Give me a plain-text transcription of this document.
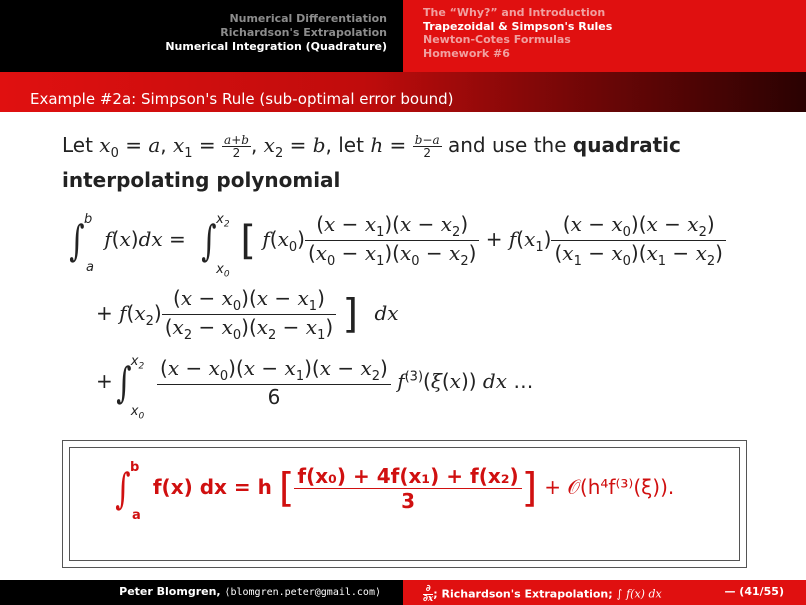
Numerical Differentiation
Richardson's Extrapolation
Numerical Integration (Quadrature)
The “Why?” and Introduction
Trapezoidal & Simpson's Rules
Newton-Cotes Formulas
Homework #6
Example #2a: Simpson's Rule (sub-optimal error bound)
Let $x_0 = a$, $x_1 = \frac{a+b}{2}$ , $x_2 = b$, let $h = \frac{b-a}{2}$ and use the quadratic
interpolating polynomial
∫ b
a
f(x)dx = ∫ $x_2$
$x_0$
[ $f(x_0) \frac{(x - x_1)(x - x_2)}{(x_0 - x_1)(x_0 - x_2)} + f(x_1) \frac{(x - x_0)(x - x_2)}{(x_1 - x_0)(x_1 - x_2)}$
+ $f(x_2) \frac{(x - x_0)(x - x_1)}{(x_2 - x_0)(x_2 - x_1)}$ ] dx
+∫ $x_2$
$x_0$

$\frac{(x - x_0)(x - x_1)(x - x_2)}{6} f^{(3)}(\xi(x))$ dx …
∫ b
a
f(x) dx = h [ $\frac{\text{f(x₀) + 4f(x₁) + f(x₂)}}{3}$ ] + 𝒪(h⁴f⁽³⁾(ξ)).
Peter Blomgren, ⟨blomgren.peter@gmail.com⟩	$\frac{\partial}{\partial x}$ ; Richardson's Extrapolation; ∫ f(x) dx	— (41/55)
